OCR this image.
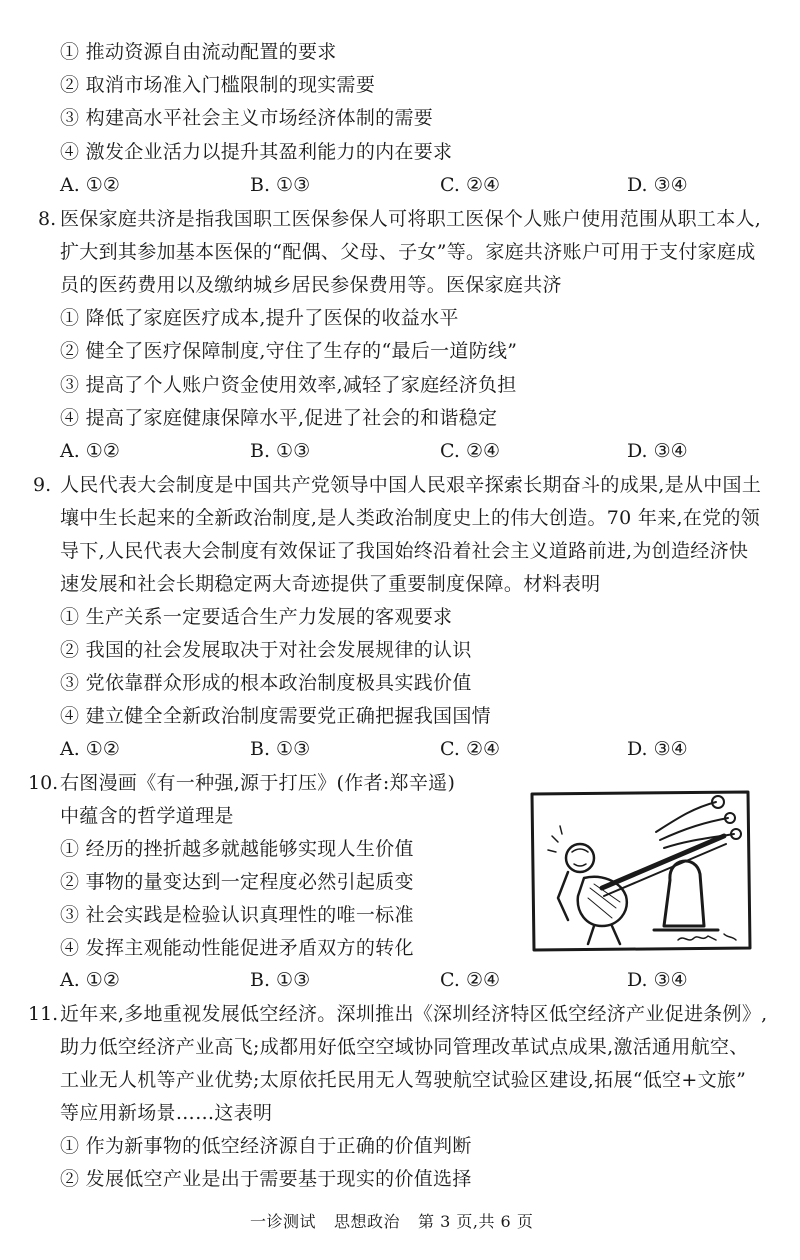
① 推动资源自由流动配置的要求
② 取消市场准入门槛限制的现实需要
③ 构建高水平社会主义市场经济体制的需要
④ 激发企业活力以提升其盈利能力的内在要求
A. ①②	B. ①③	C. ②④	D. ③④
8. 医保家庭共济是指我国职工医保参保人可将职工医保个人账户使用范围从职工本人,
扩大到其参加基本医保的“配偶、父母、子女”等。家庭共济账户可用于支付家庭成
员的医药费用以及缴纳城乡居民参保费用等。医保家庭共济
① 降低了家庭医疗成本,提升了医保的收益水平
② 健全了医疗保障制度,守住了生存的“最后一道防线”
③ 提高了个人账户资金使用效率,减轻了家庭经济负担
④ 提高了家庭健康保障水平,促进了社会的和谐稳定
A. ①②	B. ①③	C. ②④	D. ③④
9. 人民代表大会制度是中国共产党领导中国人民艰辛探索长期奋斗的成果,是从中国土
壤中生长起来的全新政治制度,是人类政治制度史上的伟大创造。70 年来,在党的领
导下,人民代表大会制度有效保证了我国始终沿着社会主义道路前进,为创造经济快
速发展和社会长期稳定两大奇迹提供了重要制度保障。材料表明
① 生产关系一定要适合生产力发展的客观要求
② 我国的社会发展取决于对社会发展规律的认识
③ 党依靠群众形成的根本政治制度极具实践价值
④ 建立健全全新政治制度需要党正确把握我国国情
A. ①②	B. ①③	C. ②④	D. ③④
10. 右图漫画《有一种强,源于打压》(作者:郑辛遥)
中蕴含的哲学道理是
① 经历的挫折越多就越能够实现人生价值
② 事物的量变达到一定程度必然引起质变
③ 社会实践是检验认识真理性的唯一标准
④ 发挥主观能动性能促进矛盾双方的转化
A. ①②	B. ①③	C. ②④	D. ③④
11. 近年来,多地重视发展低空经济。深圳推出《深圳经济特区低空经济产业促进条例》,
助力低空经济产业高飞;成都用好低空空域协同管理改革试点成果,激活通用航空、
工业无人机等产业优势;太原依托民用无人驾驶航空试验区建设,拓展“低空+文旅”
等应用新场景……这表明
① 作为新事物的低空经济源自于正确的价值判断
② 发展低空产业是出于需要基于现实的价值选择
一诊测试 思想政治 第 3 页,共 6 页
